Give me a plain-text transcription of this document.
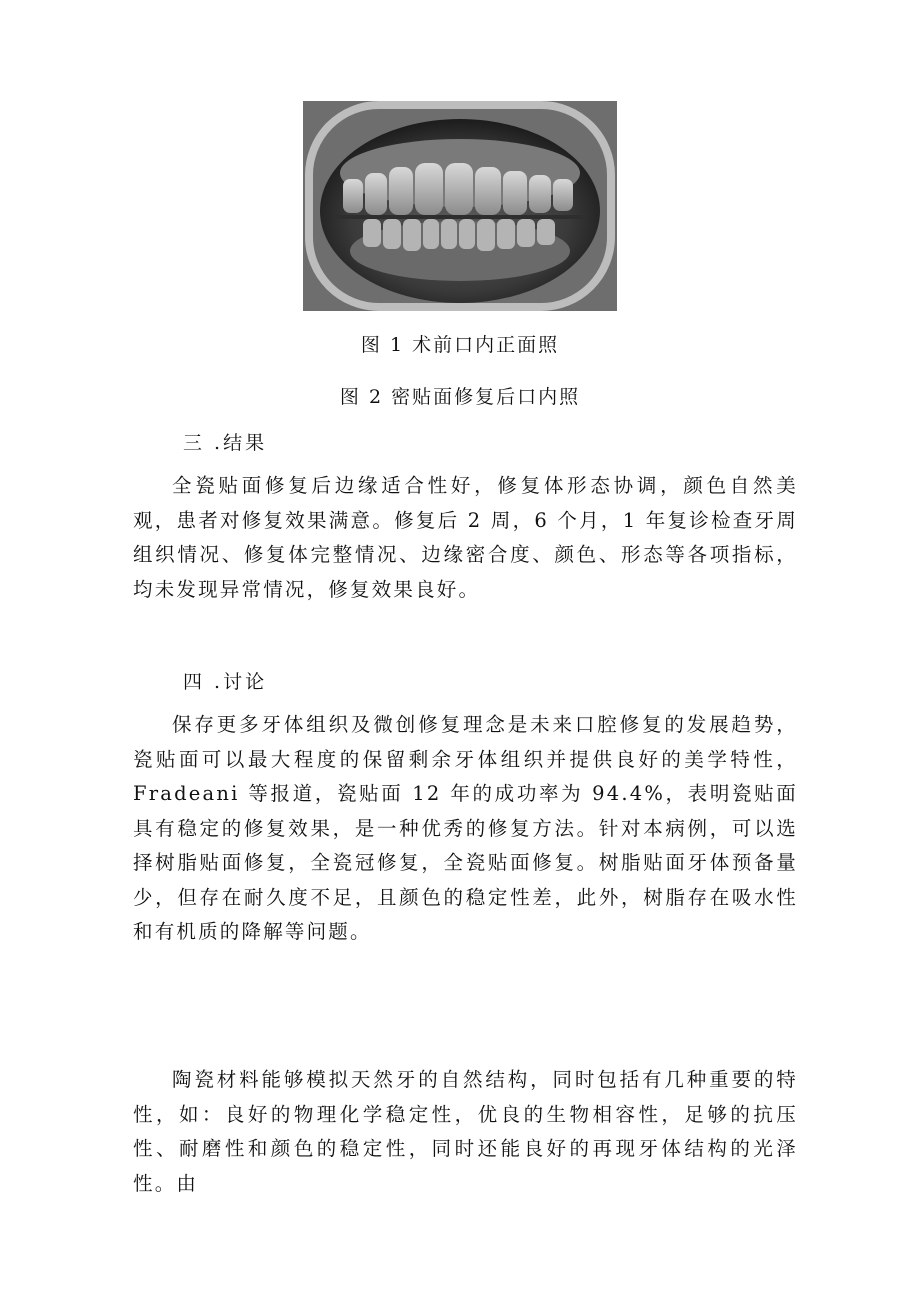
图 1 术前口内正面照
图 2 密贴面修复后口内照
三 .结果
全瓷贴面修复后边缘适合性好，修复体形态协调，颜色自然美观，患者对修复效果满意。修复后 2 周，6 个月，1 年复诊检查牙周组织情况、修复体完整情况、边缘密合度、颜色、形态等各项指标，均未发现异常情况，修复效果良好。
四 .讨论
保存更多牙体组织及微创修复理念是未来口腔修复的发展趋势，瓷贴面可以最大程度的保留剩余牙体组织并提供良好的美学特性，Fradeani 等报道，瓷贴面 12 年的成功率为 94.4%，表明瓷贴面具有稳定的修复效果，是一种优秀的修复方法。针对本病例，可以选择树脂贴面修复，全瓷冠修复，全瓷贴面修复。树脂贴面牙体预备量少，但存在耐久度不足，且颜色的稳定性差，此外，树脂存在吸水性和有机质的降解等问题。
陶瓷材料能够模拟天然牙的自然结构，同时包括有几种重要的特性，如：良好的物理化学稳定性，优良的生物相容性，足够的抗压性、耐磨性和颜色的稳定性，同时还能良好的再现牙体结构的光泽性。由
